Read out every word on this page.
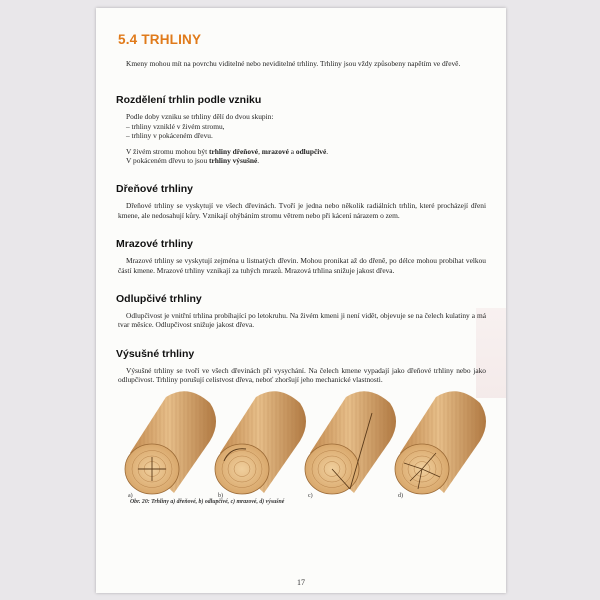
5.4 TRHLINY

Kmeny mohou mít na povrchu viditelné nebo neviditelné trhliny. Trhliny jsou vždy způsobeny napětím ve dřevě.

Rozdělení trhlin podle vzniku

Podle doby vzniku se trhliny dělí do dvou skupin:

– trhliny vzniklé v živém stromu,

– trhliny v pokáceném dřevu.

V živém stromu mohou být trhliny dřeňové, mrazové a odlupčivé.

V pokáceném dřevu to jsou trhliny výsušné.

Dřeňové trhliny

Dřeňové trhliny se vyskytují ve všech dřevinách. Tvoří je jedna nebo několik radiálních trhlin, které procházejí dřeni kmene, ale nedosahují kůry. Vznikají ohýbáním stromu větrem nebo při kácení nárazem o zem.

Mrazové trhliny

Mrazové trhliny se vyskytují zejména u listnatých dřevin. Mohou pronikat až do dřeně, po délce mohou probíhat velkou částí kmene. Mrazové trhliny vznikají za tuhých mrazů. Mrazová trhlina snižuje jakost dřeva.

Odlupčivé trhliny

Odlupčivost je vnitřní trhlina probíhající po letokruhu. Na živém kmeni ji není vidět, objevuje se na čelech kulatiny a má tvar měsíce. Odlupčivost snižuje jakost dřeva.

Výsušné trhliny

Výsušné trhliny se tvoří ve všech dřevinách při vysychání. Na čelech kmene vypadají jako dřeňové trhliny nebo jako odlupčivost. Trhliny porušují celistvost dřeva, neboť zhoršují jeho mechanické vlastnosti.

a)	b)	c)	d)
Obr. 20: Trhliny a) dřeňové, b) odlupčivé, c) mrazové, d) výsušné
17
